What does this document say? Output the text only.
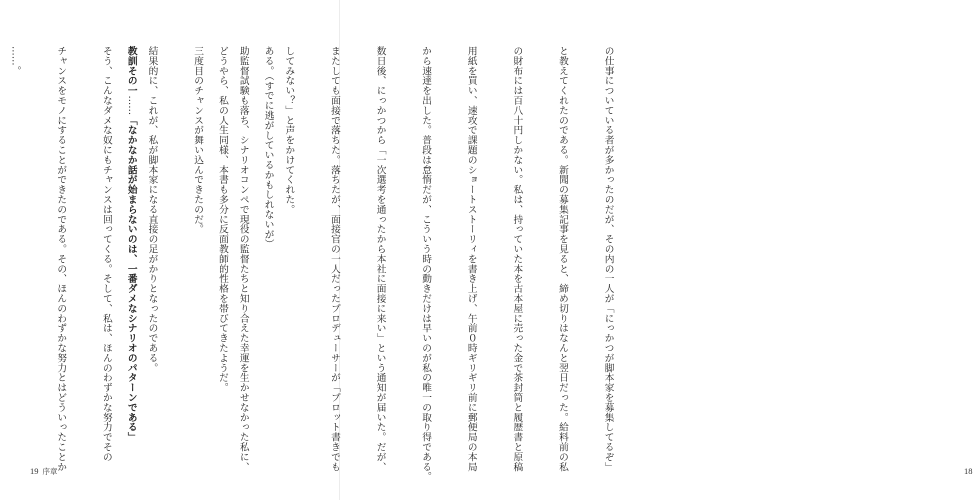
ある。（すでに逃がしているかもしれないが）

どうやら、私の人生同様、本書も多分に反面教師的性格を帯びてきたようだ。

教訓その一……「なかなか話が始まらないのは、一番ダメなシナリオのパターンである」

19 序章

	の仕事についている者が多かったのだが、その内の一人が「にっかつが脚本家を募集してるぞ」

と教えてくれたのである。新聞の募集記事を見ると、締め切りはなんと翌日だった。給料前の私

の財布には百八十円しかない。私は、持っていた本を古本屋に売った金で茶封筒と履歴書と原稿

用紙を買い、速攻で課題のショートストーリィを書き上げ、午前０時ギリギリ前に郵便局の本局

から速達を出した。普段は怠惰だが、こういう時の動きだけは早いのが私の唯一の取り得である。

数日後、にっかつから「一次選考を通ったから本社に面接に来い」という通知が届いた。だが、

またしても面接で落ちた。落ちたが、面接官の一人だったプロデューサーが「プロット書きでも

してみない？」と声をかけてくれた。

助監督試験も落ち、シナリオコンペで現役の監督たちと知り合えた幸運を生かせなかった私に、

三度目のチャンスが舞い込んできたのだ。

結果的に、これが、私が脚本家になる直接の足がかりとなったのである。

そう、こんなダメな奴にもチャンスは回ってくる。そして、私は、ほんのわずかな努力でその

チャンスをモノにすることができたのである。その、ほんのわずかな努力とはどういったことか

……。

18
